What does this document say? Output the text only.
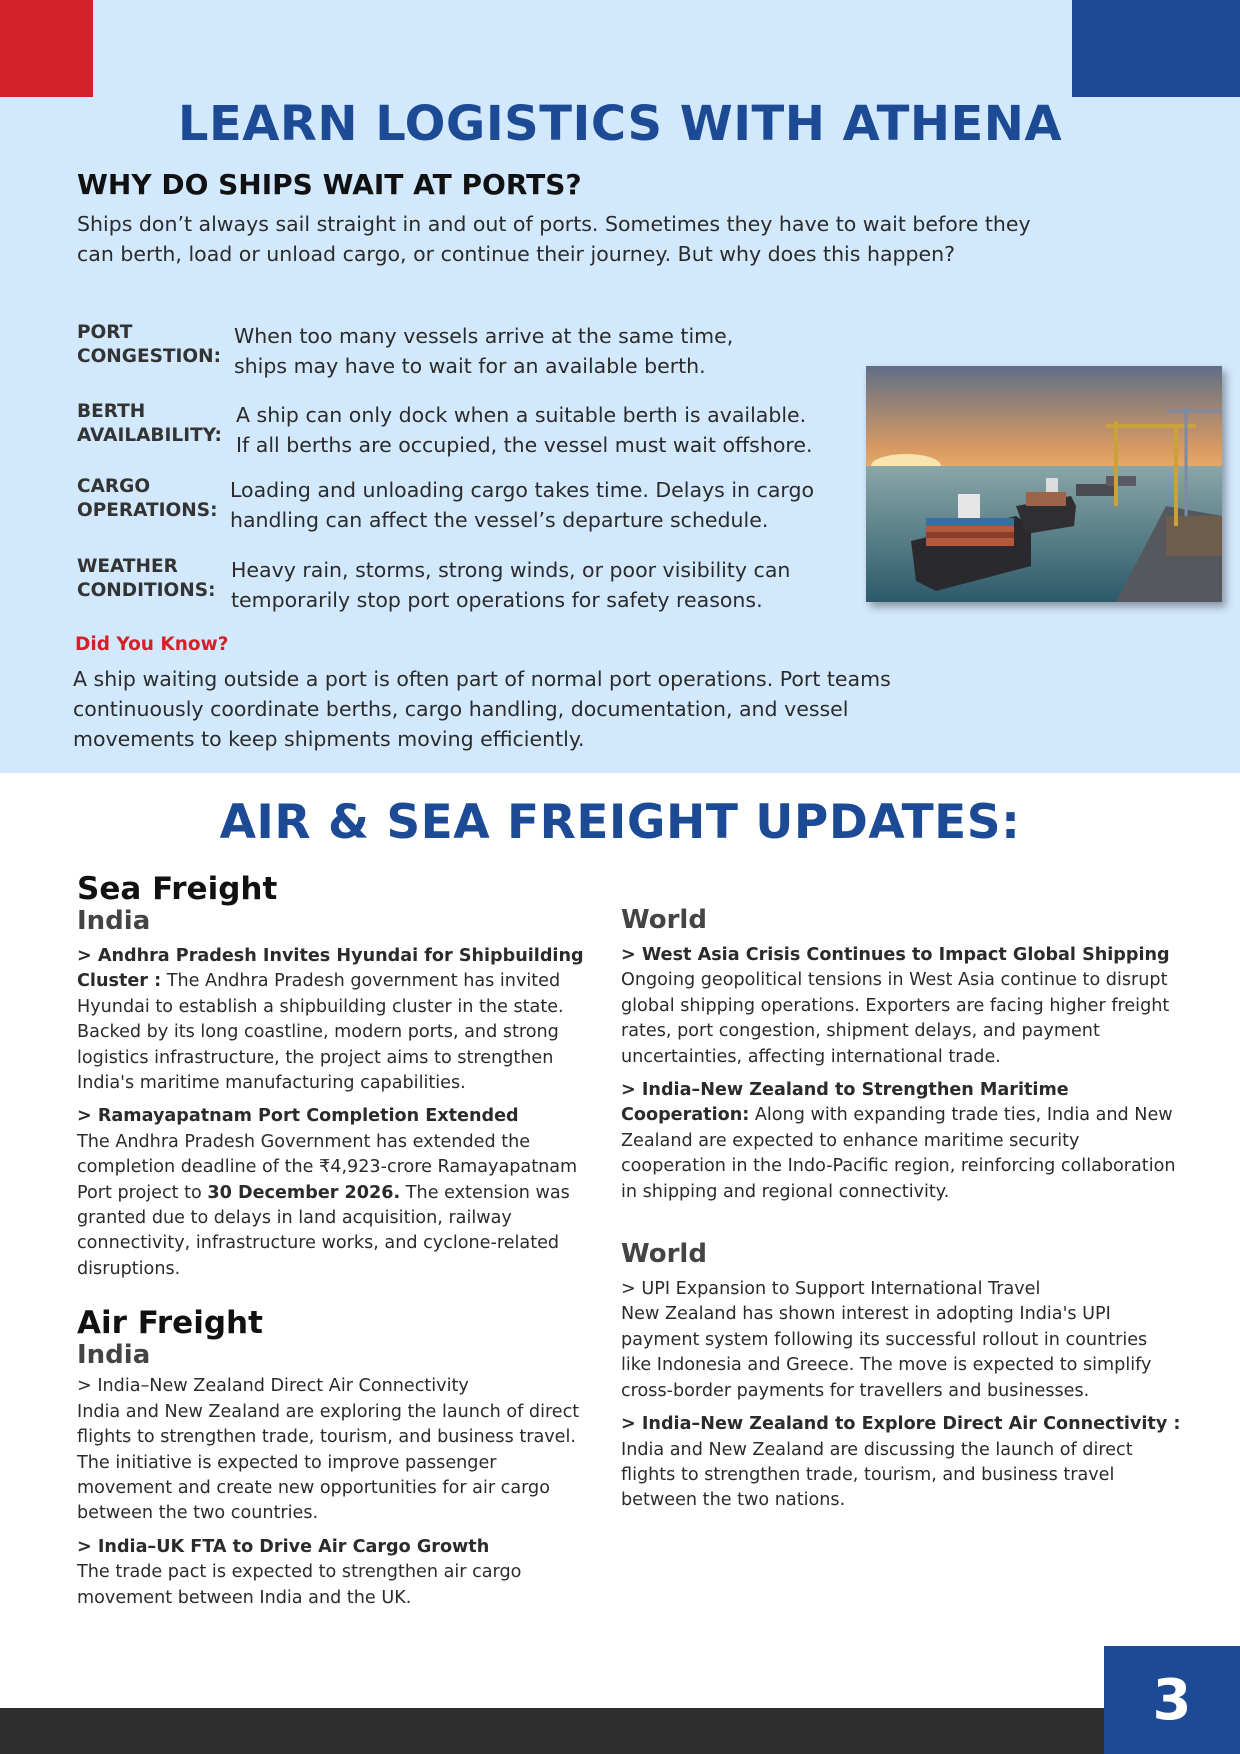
LEARN LOGISTICS WITH ATHENA
WHY DO SHIPS WAIT AT PORTS?

Ships don’t always sail straight in and out of ports. Sometimes they have to wait before they can berth, load or unload cargo, or continue their journey. But why does this happen?

PORT
CONGESTION:
When too many vessels arrive at the same time,
ships may have to wait for an available berth.
BERTH
AVAILABILITY:
A ship can only dock when a suitable berth is available.
If all berths are occupied, the vessel must wait offshore.
CARGO
OPERATIONS:
Loading and unloading cargo takes time. Delays in cargo
handling can affect the vessel’s departure schedule.
WEATHER
CONDITIONS:
Heavy rain, storms, strong winds, or poor visibility can
temporarily stop port operations for safety reasons.
Did You Know?

A ship waiting outside a port is often part of normal port operations. Port teams continuously coordinate berths, cargo handling, documentation, and vessel movements to keep shipments moving efficiently.

AIR & SEA FREIGHT UPDATES:
Sea Freight
India

> Andhra Pradesh Invites Hyundai for Shipbuilding Cluster : The Andhra Pradesh government has invited Hyundai to establish a shipbuilding cluster in the state. Backed by its long coastline, modern ports, and strong logistics infrastructure, the project aims to strengthen India's maritime manufacturing capabilities.

> Ramayapatnam Port Completion Extended

The Andhra Pradesh Government has extended the completion deadline of the ₹4,923-crore Ramayapatnam Port project to 30 December 2026. The extension was granted due to delays in land acquisition, railway connectivity, infrastructure works, and cyclone-related disruptions.

Air Freight
India

> India–New Zealand Direct Air Connectivity

India and New Zealand are exploring the launch of direct flights to strengthen trade, tourism, and business travel. The initiative is expected to improve passenger movement and create new opportunities for air cargo between the two countries.

> India–UK FTA to Drive Air Cargo Growth

The trade pact is expected to strengthen air cargo movement between India and the UK.

World

> West Asia Crisis Continues to Impact Global Shipping

Ongoing geopolitical tensions in West Asia continue to disrupt global shipping operations. Exporters are facing higher freight rates, port congestion, shipment delays, and payment uncertainties, affecting international trade.

> India–New Zealand to Strengthen Maritime Cooperation: Along with expanding trade ties, India and New Zealand are expected to enhance maritime security cooperation in the Indo-Pacific region, reinforcing collaboration in shipping and regional connectivity.

World

> UPI Expansion to Support International Travel

New Zealand has shown interest in adopting India's UPI payment system following its successful rollout in countries like Indonesia and Greece. The move is expected to simplify cross-border payments for travellers and businesses.

> India–New Zealand to Explore Direct Air Connectivity :

India and New Zealand are discussing the launch of direct flights to strengthen trade, tourism, and business travel between the two nations.

3
